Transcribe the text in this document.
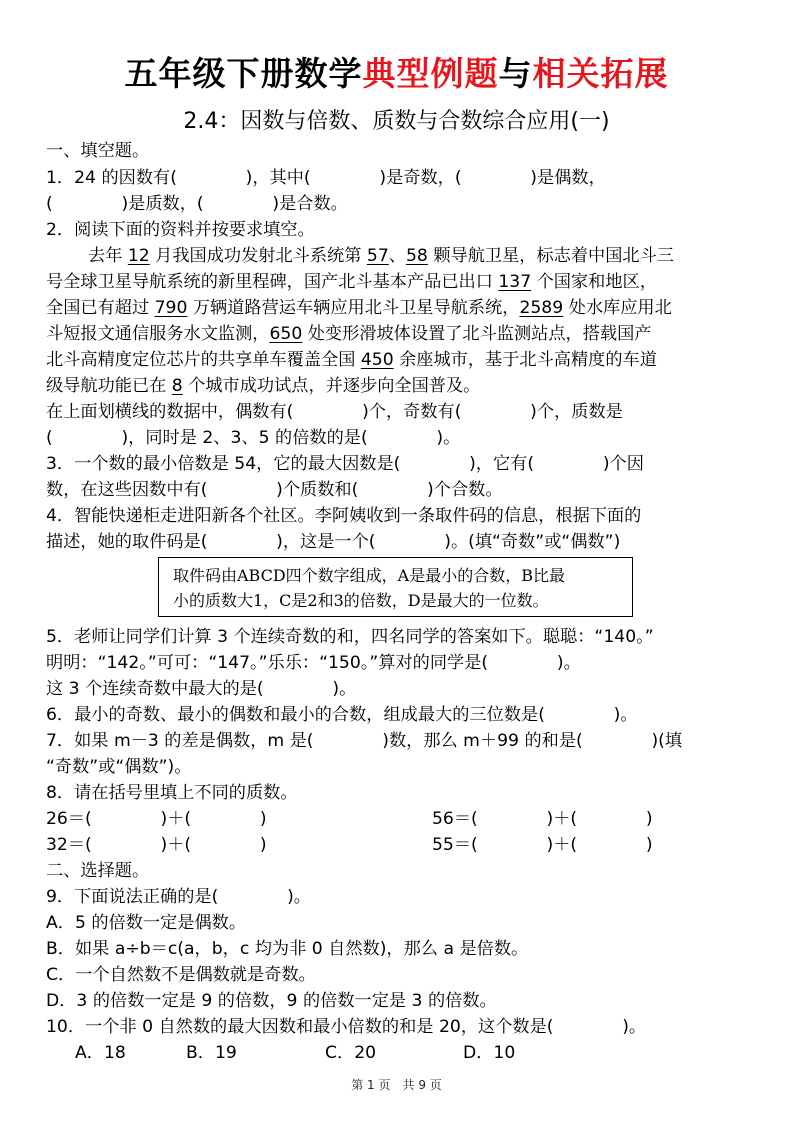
五年级下册数学典型例题与相关拓展
2.4：因数与倍数、质数与合数综合应用(一)
一、填空题。
1．24 的因数有(　　　　)，其中(　　　　)是奇数，(　　　　)是偶数，
(　　　　)是质数，(　　　　)是合数。
2．阅读下面的资料并按要求填空。
去年 12 月我国成功发射北斗系统第 57、58 颗导航卫星，标志着中国北斗三
号全球卫星导航系统的新里程碑，国产北斗基本产品已出口 137 个国家和地区，
全国已有超过 790 万辆道路营运车辆应用北斗卫星导航系统，2589 处水库应用北
斗短报文通信服务水文监测，650 处变形滑坡体设置了北斗监测站点，搭载国产
北斗高精度定位芯片的共享单车覆盖全国 450 余座城市，基于北斗高精度的车道
级导航功能已在 8 个城市成功试点，并逐步向全国普及。
在上面划横线的数据中，偶数有(　　　　)个，奇数有(　　　　)个，质数是
(　　　　)，同时是 2、3、5 的倍数的是(　　　　)。
3．一个数的最小倍数是 54，它的最大因数是(　　　　)，它有(　　　　)个因
数，在这些因数中有(　　　　)个质数和(　　　　)个合数。
4．智能快递柜走进阳新各个社区。李阿姨收到一条取件码的信息，根据下面的
描述，她的取件码是(　　　　)，这是一个(　　　　)。(填“奇数”或“偶数”)
取件码由ABCD四个数字组成，A是最小的合数，B比最
小的质数大1，C是2和3的倍数，D是最大的一位数。
5．老师让同学们计算 3 个连续奇数的和，四名同学的答案如下。聪聪：“140。”
明明：“142。”可可：“147。”乐乐：“150。”算对的同学是(　　　　)。
这 3 个连续奇数中最大的是(　　　　)。
6．最小的奇数、最小的偶数和最小的合数，组成最大的三位数是(　　　　)。
7．如果 m－3 的差是偶数，m 是(　　　　)数，那么 m＋99 的和是(　　　　)(填
“奇数”或“偶数”)。
8．请在括号里填上不同的质数。
26＝(　　　　)＋(　　　　)	56＝(　　　　)＋(　　　　)
32＝(　　　　)＋(　　　　)	55＝(　　　　)＋(　　　　)
二、选择题。
9．下面说法正确的是(　　　　)。
A．5 的倍数一定是偶数。
B．如果 a÷b＝c(a，b，c 均为非 0 自然数)，那么 a 是倍数。
C．一个自然数不是偶数就是奇数。
D．3 的倍数一定是 9 的倍数，9 的倍数一定是 3 的倍数。
10．一个非 0 自然数的最大因数和最小倍数的和是 20，这个数是(　　　　)。
A．18	B．19	C．20	D．10
第 1 页　共 9 页
